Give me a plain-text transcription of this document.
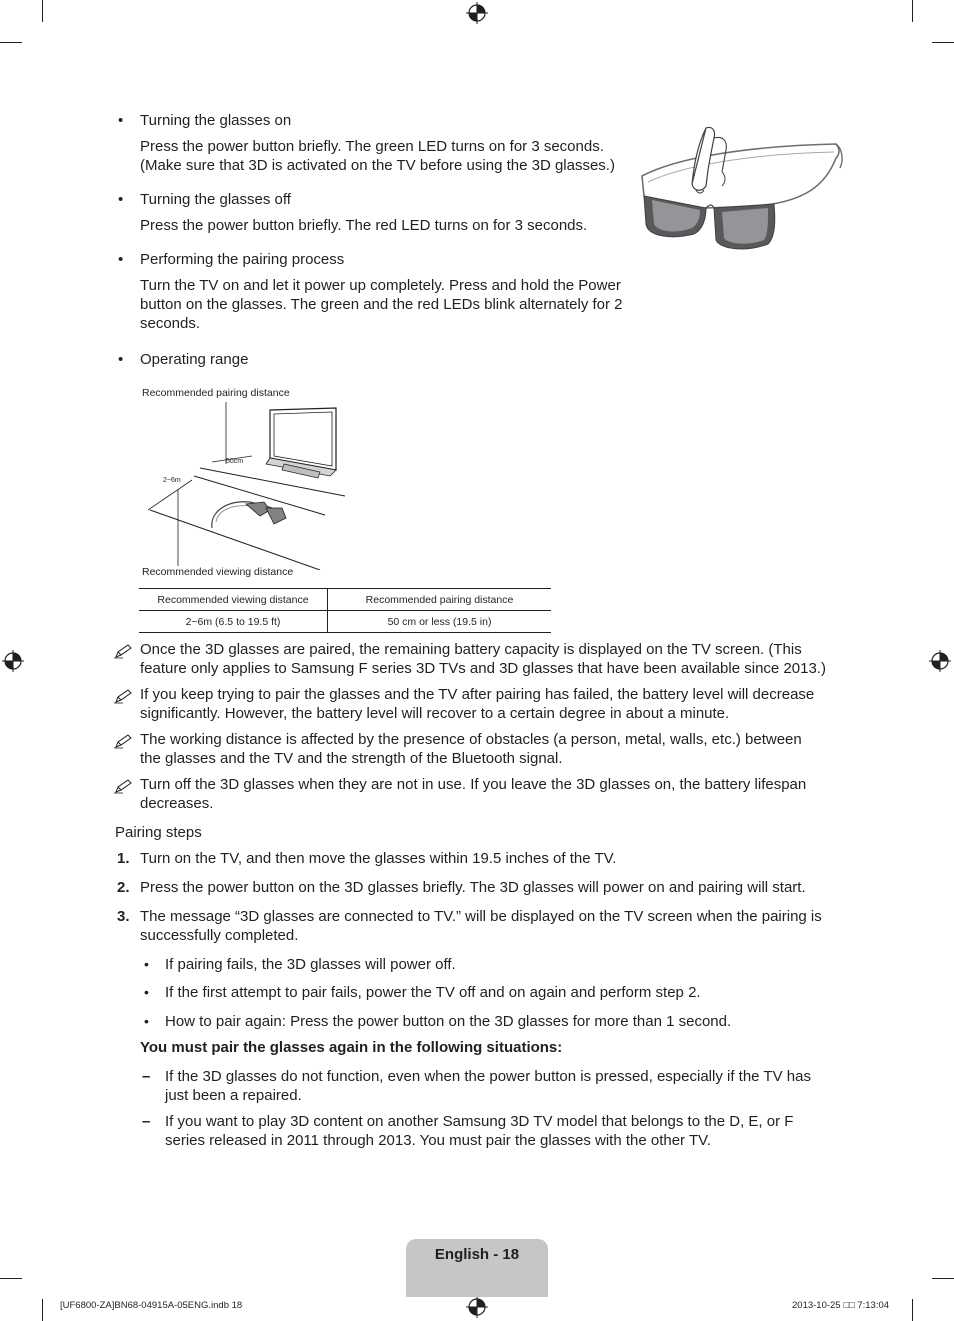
• Turning the glasses on
Press the power button briefly. The green LED turns on for 3 seconds.
(Make sure that 3D is activated on the TV before using the 3D glasses.)
• Turning the glasses off
Press the power button briefly. The red LED turns on for 3 seconds.
• Performing the pairing process
Turn the TV on and let it power up completely. Press and hold the Power
button on the glasses. The green and the red LEDs blink alternately for 2
seconds.
• Operating range
Recommended pairing distance
50cm
2~6m
Recommended viewing distance
Recommended viewing distance	Recommended pairing distance
2~6m (6.5 to 19.5 ft)	50 cm or less (19.5 in)
Once the 3D glasses are paired, the remaining battery capacity is displayed on the TV screen. (This
feature only applies to Samsung F series 3D TVs and 3D glasses that have been available since 2013.)
If you keep trying to pair the glasses and the TV after pairing has failed, the battery level will decrease
significantly. However, the battery level will recover to a certain degree in about a minute.
The working distance is affected by the presence of obstacles (a person, metal, walls, etc.) between
the glasses and the TV and the strength of the Bluetooth signal.
Turn off the 3D glasses when they are not in use. If you leave the 3D glasses on, the battery lifespan
decreases.
Pairing steps
1. Turn on the TV, and then move the glasses within 19.5 inches of the TV.
2. Press the power button on the 3D glasses briefly. The 3D glasses will power on and pairing will start.
3. The message “3D glasses are connected to TV.” will be displayed on the TV screen when the pairing is
successfully completed.
• If pairing fails, the 3D glasses will power off.
• If the first attempt to pair fails, power the TV off and on again and perform step 2.
• How to pair again: Press the power button on the 3D glasses for more than 1 second.
You must pair the glasses again in the following situations:
– If the 3D glasses do not function, even when the power button is pressed, especially if the TV has
just been a repaired.
– If you want to play 3D content on another Samsung 3D TV model that belongs to the D, E, or F
series released in 2011 through 2013. You must pair the glasses with the other TV.
English - 18
[UF6800-ZA]BN68-04915A-05ENG.indb 18	2013-10-25 □□ 7:13:04
